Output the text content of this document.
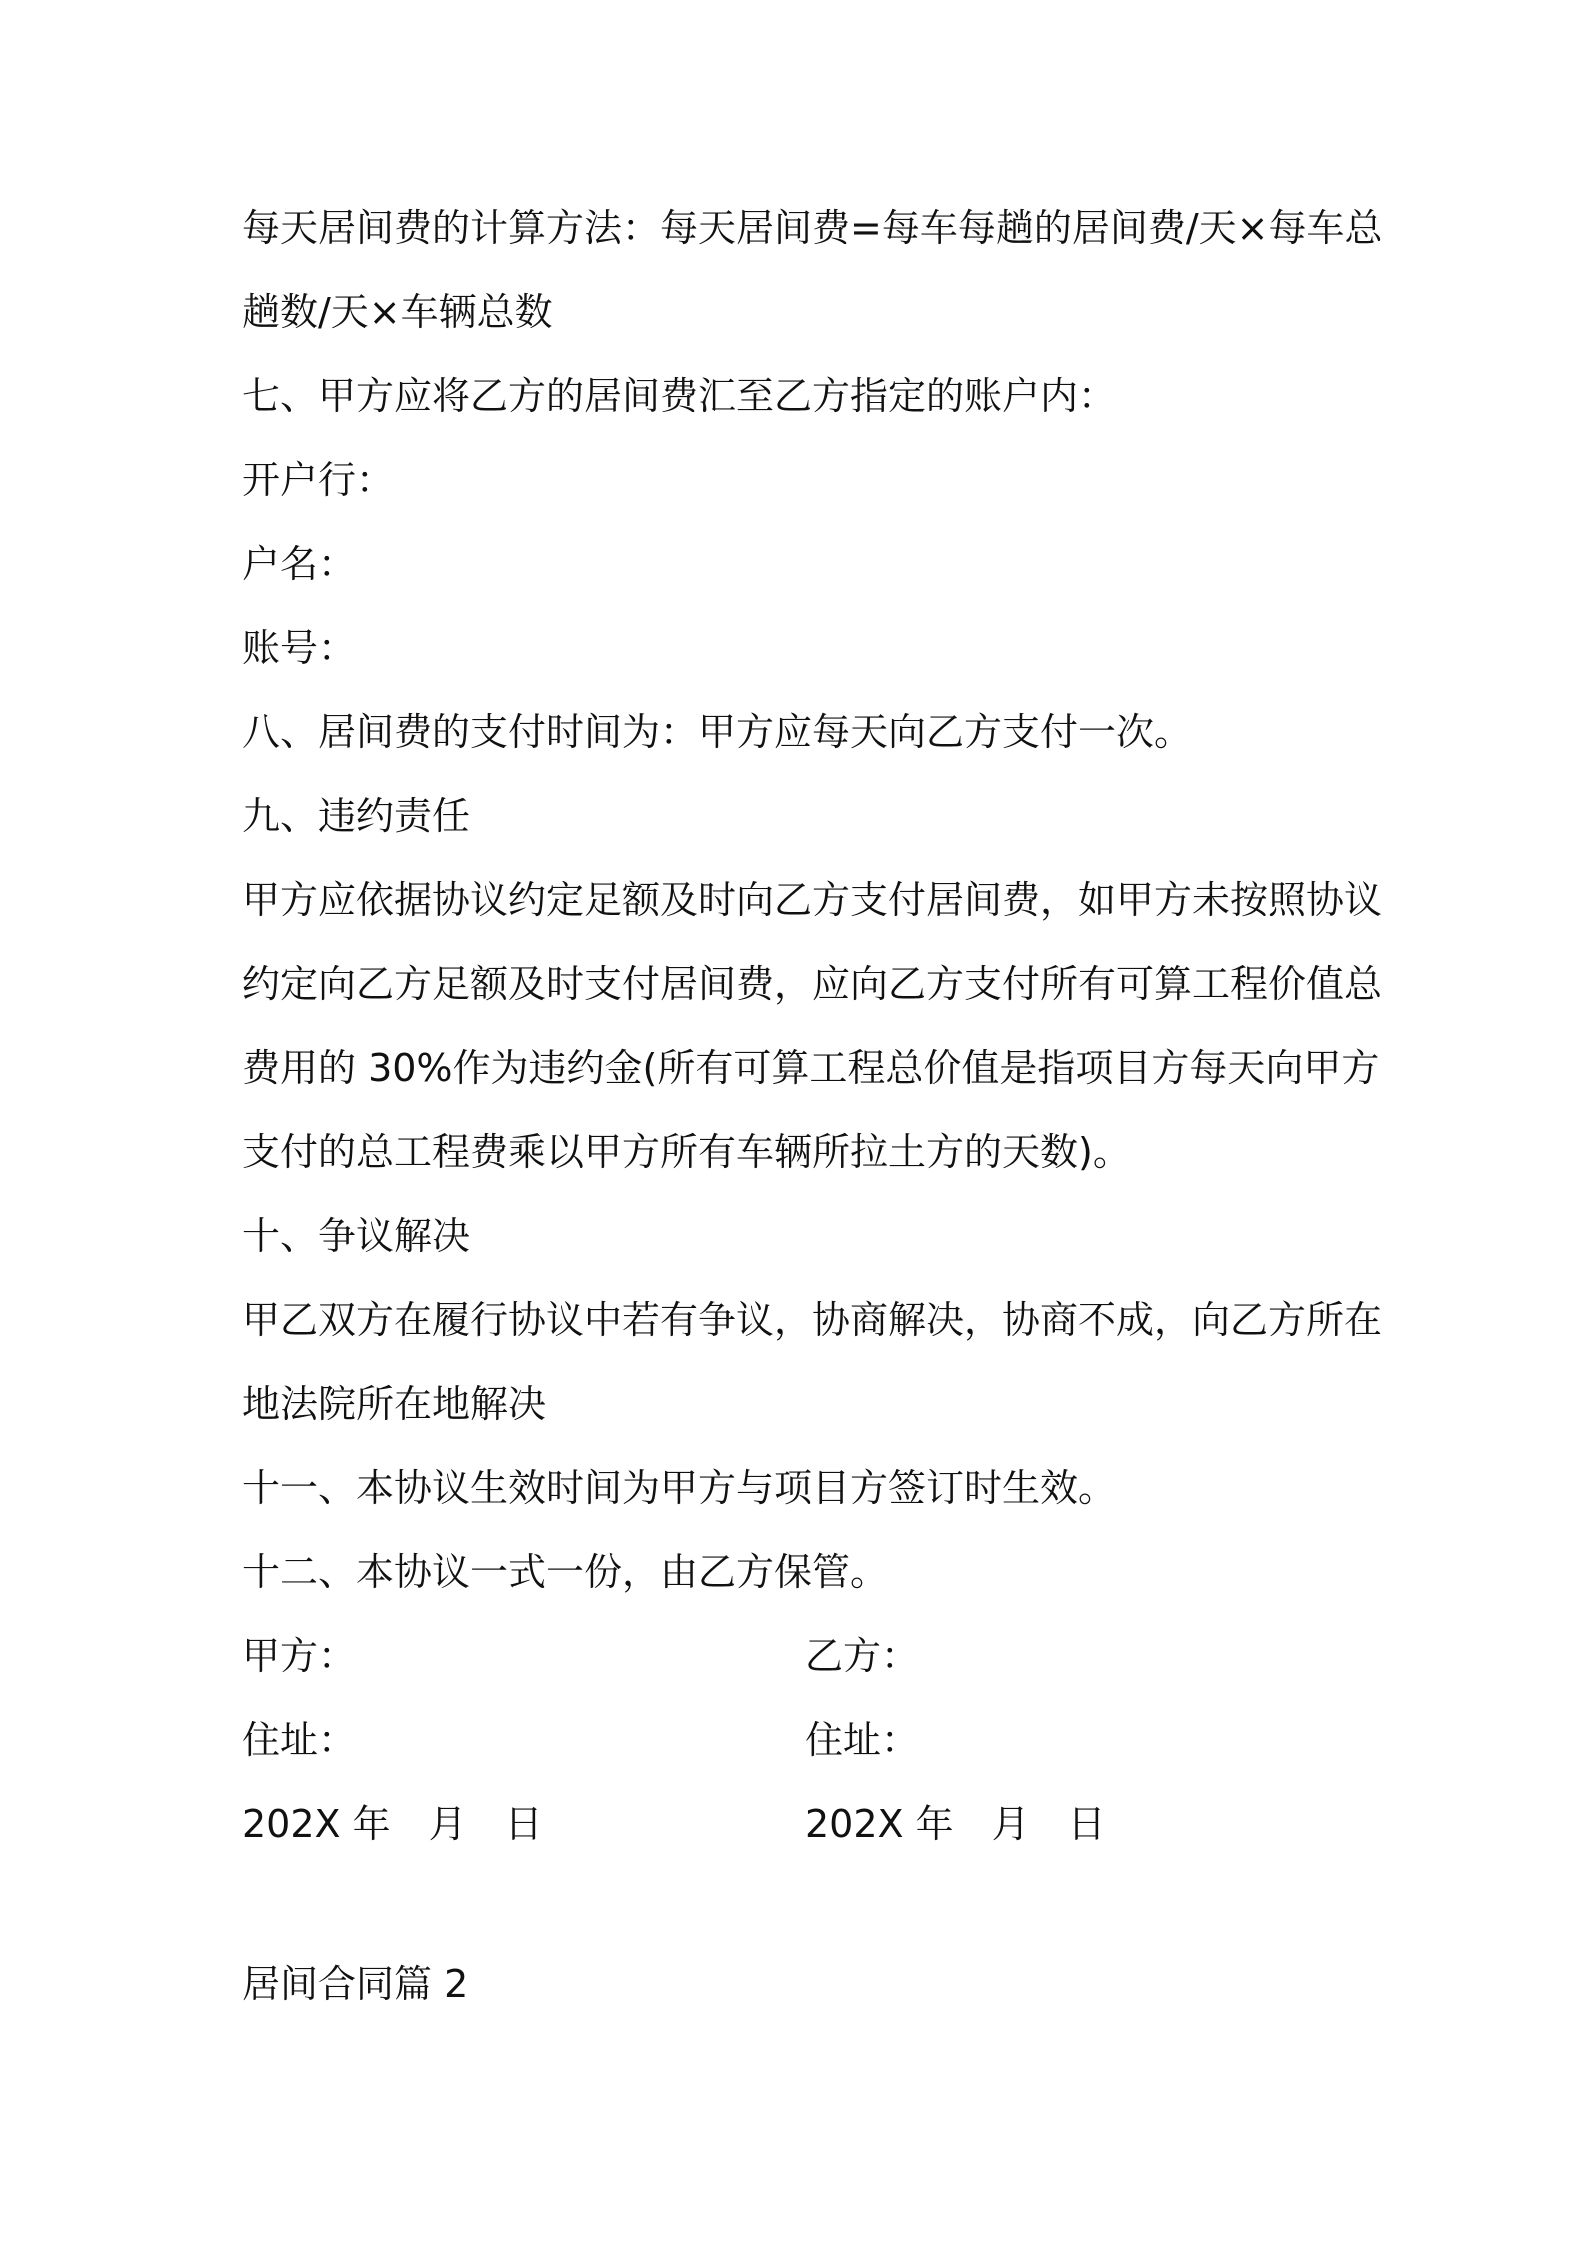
每天居间费的计算方法：每天居间费=每车每趟的居间费/天×每车总
趟数/天×车辆总数
七、甲方应将乙方的居间费汇至乙方指定的账户内：
开户行：
户名：
账号：
八、居间费的支付时间为：甲方应每天向乙方支付一次。
九、违约责任
甲方应依据协议约定足额及时向乙方支付居间费，如甲方未按照协议
约定向乙方足额及时支付居间费，应向乙方支付所有可算工程价值总
费用的 30%作为违约金(所有可算工程总价值是指项目方每天向甲方
支付的总工程费乘以甲方所有车辆所拉土方的天数)。
十、争议解决
甲乙双方在履行协议中若有争议，协商解决，协商不成，向乙方所在
地法院所在地解决
十一、本协议生效时间为甲方与项目方签订时生效。
十二、本协议一式一份，由乙方保管。
甲方：	乙方：
住址：	住址：
202X 年　月　日	202X 年　月　日
居间合同篇 2
